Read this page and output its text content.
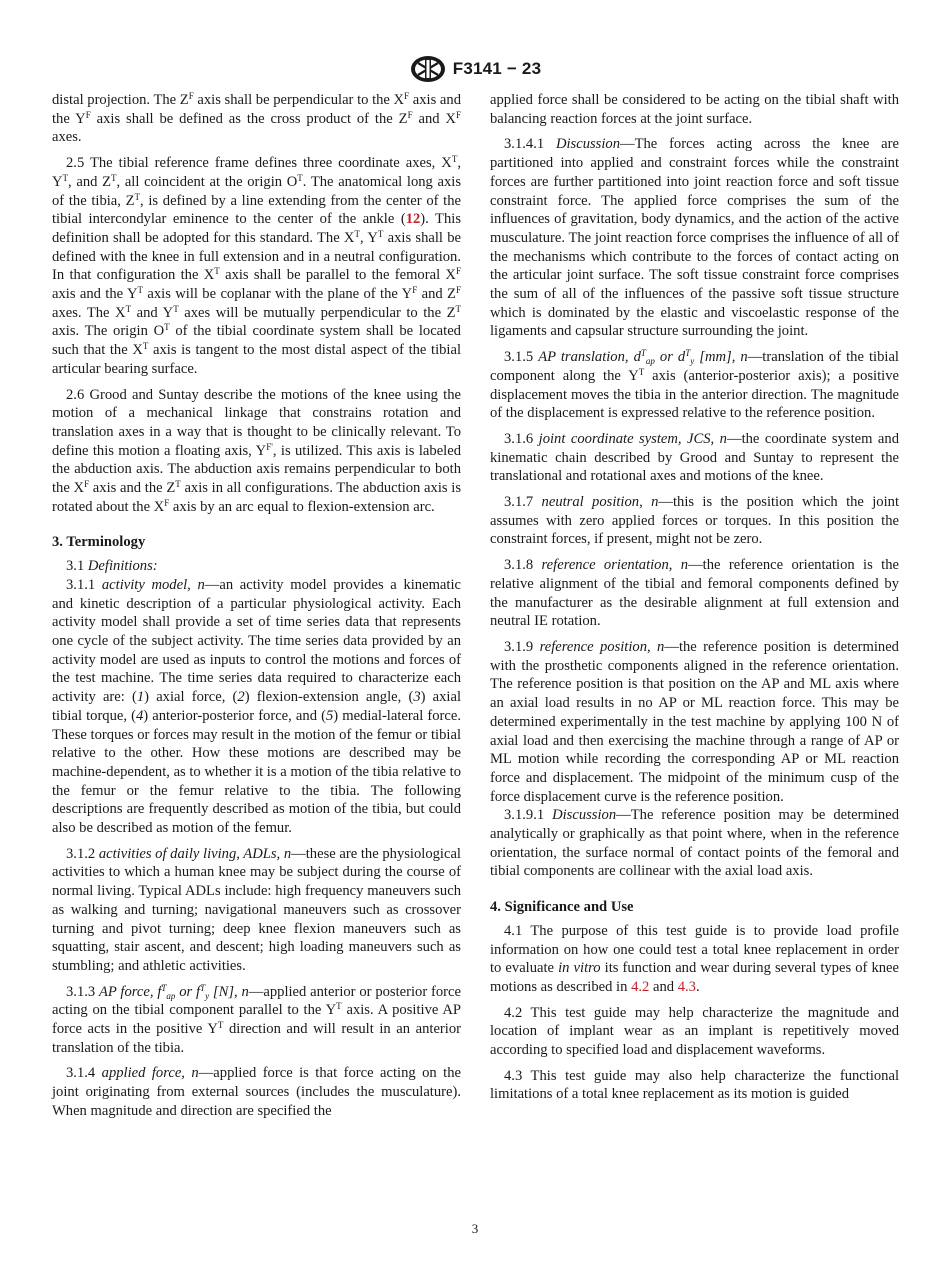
F3141 − 23

distal projection. The $Z^F$ axis shall be perpendicular to the $X^F$ axis and the $Y^F$ axis shall be defined as the cross product of the $Z^F$ and $X^F$ axes.

2.5 The tibial reference frame defines three coordinate axes, $X^T$, $Y^T$, and $Z^T$, all coincident at the origin $O^T$. The anatomical long axis of the tibia, $Z^T$, is defined by a line extending from the center of the tibial intercondylar eminence to the center of the ankle (12). This definition shall be adopted for this standard. The $X^T$, $Y^T$ axis shall be defined with the knee in full extension and in a neutral configuration. In that configuration the $X^T$ axis shall be parallel to the femoral $X^F$ axis and the $Y^T$ axis will be coplanar with the plane of the $Y^F$ and $Z^F$ axes. The $X^T$ and $Y^T$ axes will be mutually perpendicular to the $Z^T$ axis. The origin $O^T$ of the tibial coordinate system shall be located such that the $X^T$ axis is tangent to the most distal aspect of the tibial articular bearing surface.

2.6 Grood and Suntay describe the motions of the knee using the motion of a mechanical linkage that constrains rotation and translation axes in a way that is thought to be clinically relevant. To define this motion a floating axis, $Y^{F'}$, is utilized. This axis is labeled the abduction axis. The abduction axis remains perpendicular to both the $X^F$ axis and the $Z^T$ axis in all configurations. The abduction axis is rotated about the $X^F$ axis by an arc equal to flexion-extension arc.

3. Terminology

3.1 Definitions:

3.1.1 activity model, n—an activity model provides a kinematic and kinetic description of a particular physiological activity. Each activity model shall provide a set of time series data that represents one cycle of the subject activity. The time series data provided by an activity model are used as inputs to control the motions and forces of the test machine. The time series data required to characterize each activity are: (1) axial force, (2) flexion-extension angle, (3) axial tibial torque, (4) anterior-posterior force, and (5) medial-lateral force. These torques or forces may result in the motion of the femur or tibial relative to the other. How these motions are described may be machine-dependent, as to whether it is a motion of the tibia relative to the femur or the femur relative to the tibia. The following descriptions are frequently described as motion of the tibia, but could also be described as motion of the femur.

3.1.2 activities of daily living, ADLs, n—these are the physiological activities to which a human knee may be subject during the course of normal living. Typical ADLs include: high frequency maneuvers such as walking and turning; navigational maneuvers such as crossover turning and pivot turning; deep knee flexion maneuvers such as squatting, stair ascent, and descent; high loading maneuvers such as stumbling; and athletic activities.

3.1.3 AP force, $f^T_{ap}$ or $f^T_y$ [N], n—applied anterior or posterior force acting on the tibial component parallel to the $Y^T$ axis. A positive AP force acts in the positive $Y^T$ direction and will result in an anterior translation of the tibia.

3.1.4 applied force, n—applied force is that force acting on the joint originating from external sources (includes the musculature). When magnitude and direction are specified the

applied force shall be considered to be acting on the tibial shaft with balancing reaction forces at the joint surface.

3.1.4.1 Discussion—The forces acting across the knee are partitioned into applied and constraint forces while the constraint forces are further partitioned into joint reaction force and soft tissue constraint force. The applied force comprises the sum of the influences of gravitation, body dynamics, and the action of the active musculature. The joint reaction force comprises the influence of all of the mechanisms which contribute to the forces of contact acting on the articular joint surface. The soft tissue constraint force comprises the sum of all of the influences of the passive soft tissue structure which is dominated by the elastic and viscoelastic response of the ligaments and capsular structure surrounding the joint.

3.1.5 AP translation, $d^T_{ap}$ or $d^T_y$ [mm], n—translation of the tibial component along the $Y^T$ axis (anterior-posterior axis); a positive displacement moves the tibia in the anterior direction. The magnitude of the displacement is expressed relative to the reference position.

3.1.6 joint coordinate system, JCS, n—the coordinate system and kinematic chain described by Grood and Suntay to represent the translational and rotational axes and motions of the knee.

3.1.7 neutral position, n—this is the position which the joint assumes with zero applied forces or torques. In this position the constraint forces, if present, might not be zero.

3.1.8 reference orientation, n—the reference orientation is the relative alignment of the tibial and femoral components defined by the manufacturer as the desirable alignment at full extension and neutral IE rotation.

3.1.9 reference position, n—the reference position is determined with the prosthetic components aligned in the reference orientation. The reference position is that position on the AP and ML axis where an axial load results in no AP or ML reaction force. This may be determined experimentally in the test machine by applying 100 N of axial load and then exercising the machine through a range of AP or ML motion while recording the corresponding AP or ML reaction force and displacement. The midpoint of the minimum cusp of the force displacement curve is the reference position.

3.1.9.1 Discussion—The reference position may be determined analytically or graphically as that point where, when in the reference orientation, the surface normal of contact points of the femoral and tibial components are collinear with the axial load axis.

4. Significance and Use

4.1 The purpose of this test guide is to provide load profile information on how one could test a total knee replacement in order to evaluate in vitro its function and wear during several types of knee motions as described in 4.2 and 4.3.

4.2 This test guide may help characterize the magnitude and location of implant wear as an implant is repetitively moved according to specified load and displacement waveforms.

4.3 This test guide may also help characterize the functional limitations of a total knee replacement as its motion is guided

3
